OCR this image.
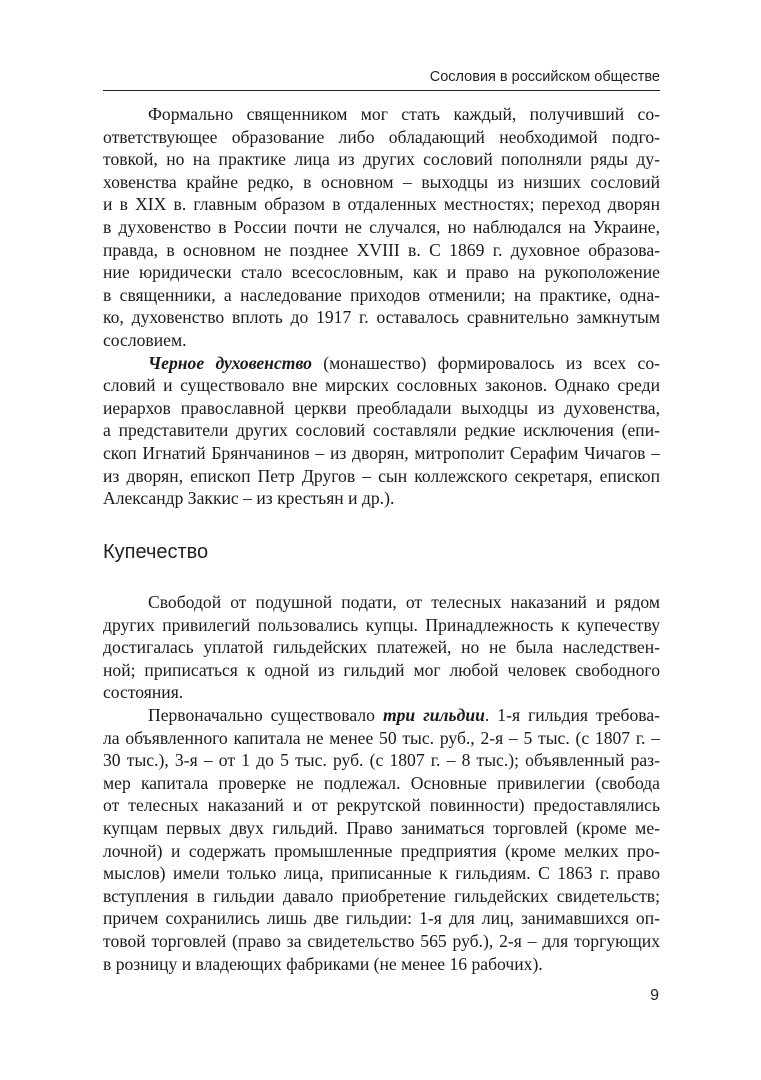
Сословия в российском обществе
Формально священником мог стать каждый, получивший со-
ответствующее образование либо обладающий необходимой подго-
товкой, но на практике лица из других сословий пополняли ряды ду-
ховенства крайне редко, в основном – выходцы из низших сословий
и в XIX в. главным образом в отдаленных местностях; переход дворян
в духовенство в России почти не случался, но наблюдался на Украине,
правда, в основном не позднее XVIII в. С 1869 г. духовное образова-
ние юридически стало всесословным, как и право на рукоположение
в священники, а наследование приходов отменили; на практике, одна-
ко, духовенство вплоть до 1917 г. оставалось сравнительно замкнутым
сословием.
Черное духовенство (монашество) формировалось из всех со-
словий и существовало вне мирских сословных законов. Однако среди
иерархов православной церкви преобладали выходцы из духовенства,
а представители других сословий составляли редкие исключения (епи-
скоп Игнатий Брянчанинов – из дворян, митрополит Серафим Чичагов –
из дворян, епископ Петр Другов – сын коллежского секретаря, епископ
Александр Заккис – из крестьян и др.).
Купечество
Свободой от подушной подати, от телесных наказаний и рядом
других привилегий пользовались купцы. Принадлежность к купечеству
достигалась уплатой гильдейских платежей, но не была наследствен-
ной; приписаться к одной из гильдий мог любой человек свободного
состояния.
Первоначально существовало три гильдии. 1-я гильдия требова-
ла объявленного капитала не менее 50 тыс. руб., 2-я – 5 тыс. (с 1807 г. –
30 тыс.), 3-я – от 1 до 5 тыс. руб. (с 1807 г. – 8 тыс.); объявленный раз-
мер капитала проверке не подлежал. Основные привилегии (свобода
от телесных наказаний и от рекрутской повинности) предоставлялись
купцам первых двух гильдий. Право заниматься торговлей (кроме ме-
лочной) и содержать промышленные предприятия (кроме мелких про-
мыслов) имели только лица, приписанные к гильдиям. С 1863 г. право
вступления в гильдии давало приобретение гильдейских свидетельств;
причем сохранились лишь две гильдии: 1-я для лиц, занимавшихся оп-
товой торговлей (право за свидетельство 565 руб.), 2-я – для торгующих
в розницу и владеющих фабриками (не менее 16 рабочих).
9
